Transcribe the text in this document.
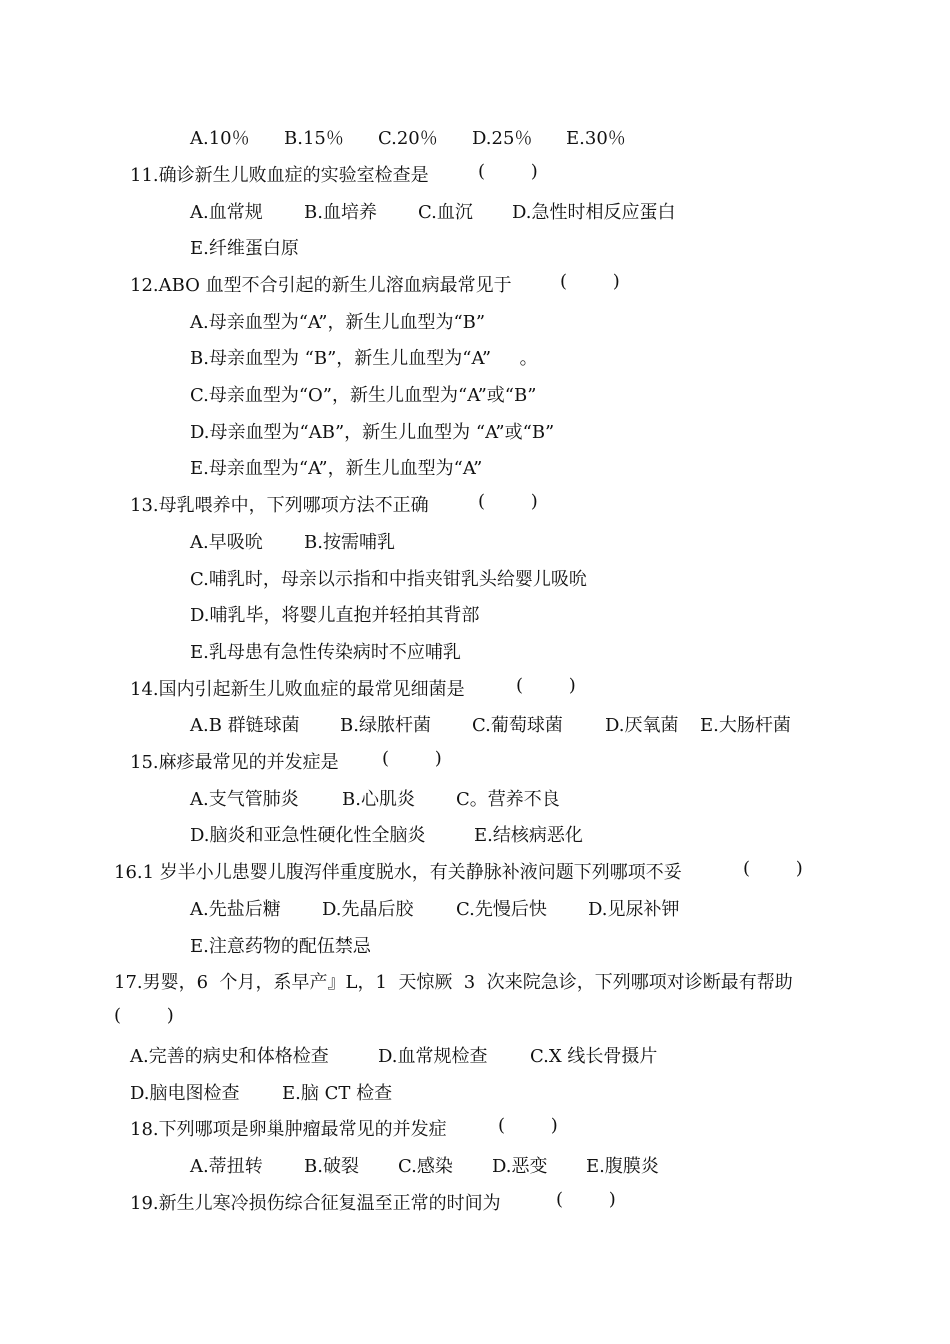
A.10％ B.15％ C.20％ D.25％ E.30％
11.确诊新生儿败血症的实验室检查是	(        )
A.血常规 B.血培养 C.血沉 D.急性时相反应蛋白
E.纤维蛋白原
12.ABO 血型不合引起的新生儿溶血病最常见于	(        )
A.母亲血型为“A”，新生儿血型为“B”
B.母亲血型为 “B”，新生儿血型为“A”     。
C.母亲血型为“O”，新生儿血型为“A”或“B”
D.母亲血型为“AB”，新生儿血型为 “A”或“B”
E.母亲血型为“A”，新生儿血型为“A”
13.母乳喂养中，下列哪项方法不正确	(        )
A.早吸吮 B.按需哺乳
C.哺乳时，母亲以示指和中指夹钳乳头给婴儿吸吮
D.哺乳毕，将婴儿直抱并轻拍其背部
E.乳母患有急性传染病时不应哺乳
14.国内引起新生儿败血症的最常见细菌是	(        )
A.B 群链球菌 B.绿脓杆菌 C.葡萄球菌 D.厌氧菌 E.大肠杆菌
15.麻疹最常见的并发症是 (        )
A.支气管肺炎 B.心肌炎 C。营养不良
D.脑炎和亚急性硬化性全脑炎	E.结核病恶化
16.1 岁半小儿患婴儿腹泻伴重度脱水，有关静脉补液问题下列哪项不妥	(        )
A.先盐后糖 D.先晶后胶 C.先慢后快 D.见尿补钾
E.注意药物的配伍禁忌
17.男婴，6  个月，系早产』L，1  天惊厥  3  次来院急诊，下列哪项对诊断最有帮助
(        )
A.完善的病史和体格检查	D.血常规检查 C.X 线长骨摄片
D.脑电图检查 E.脑 CT 检查
18.下列哪项是卵巢肿瘤最常见的并发症	(        )
A.蒂扭转 B.破裂 C.感染 D.恶变 E.腹膜炎
19.新生儿寒冷损伤综合征复温至正常的时间为	(        )
